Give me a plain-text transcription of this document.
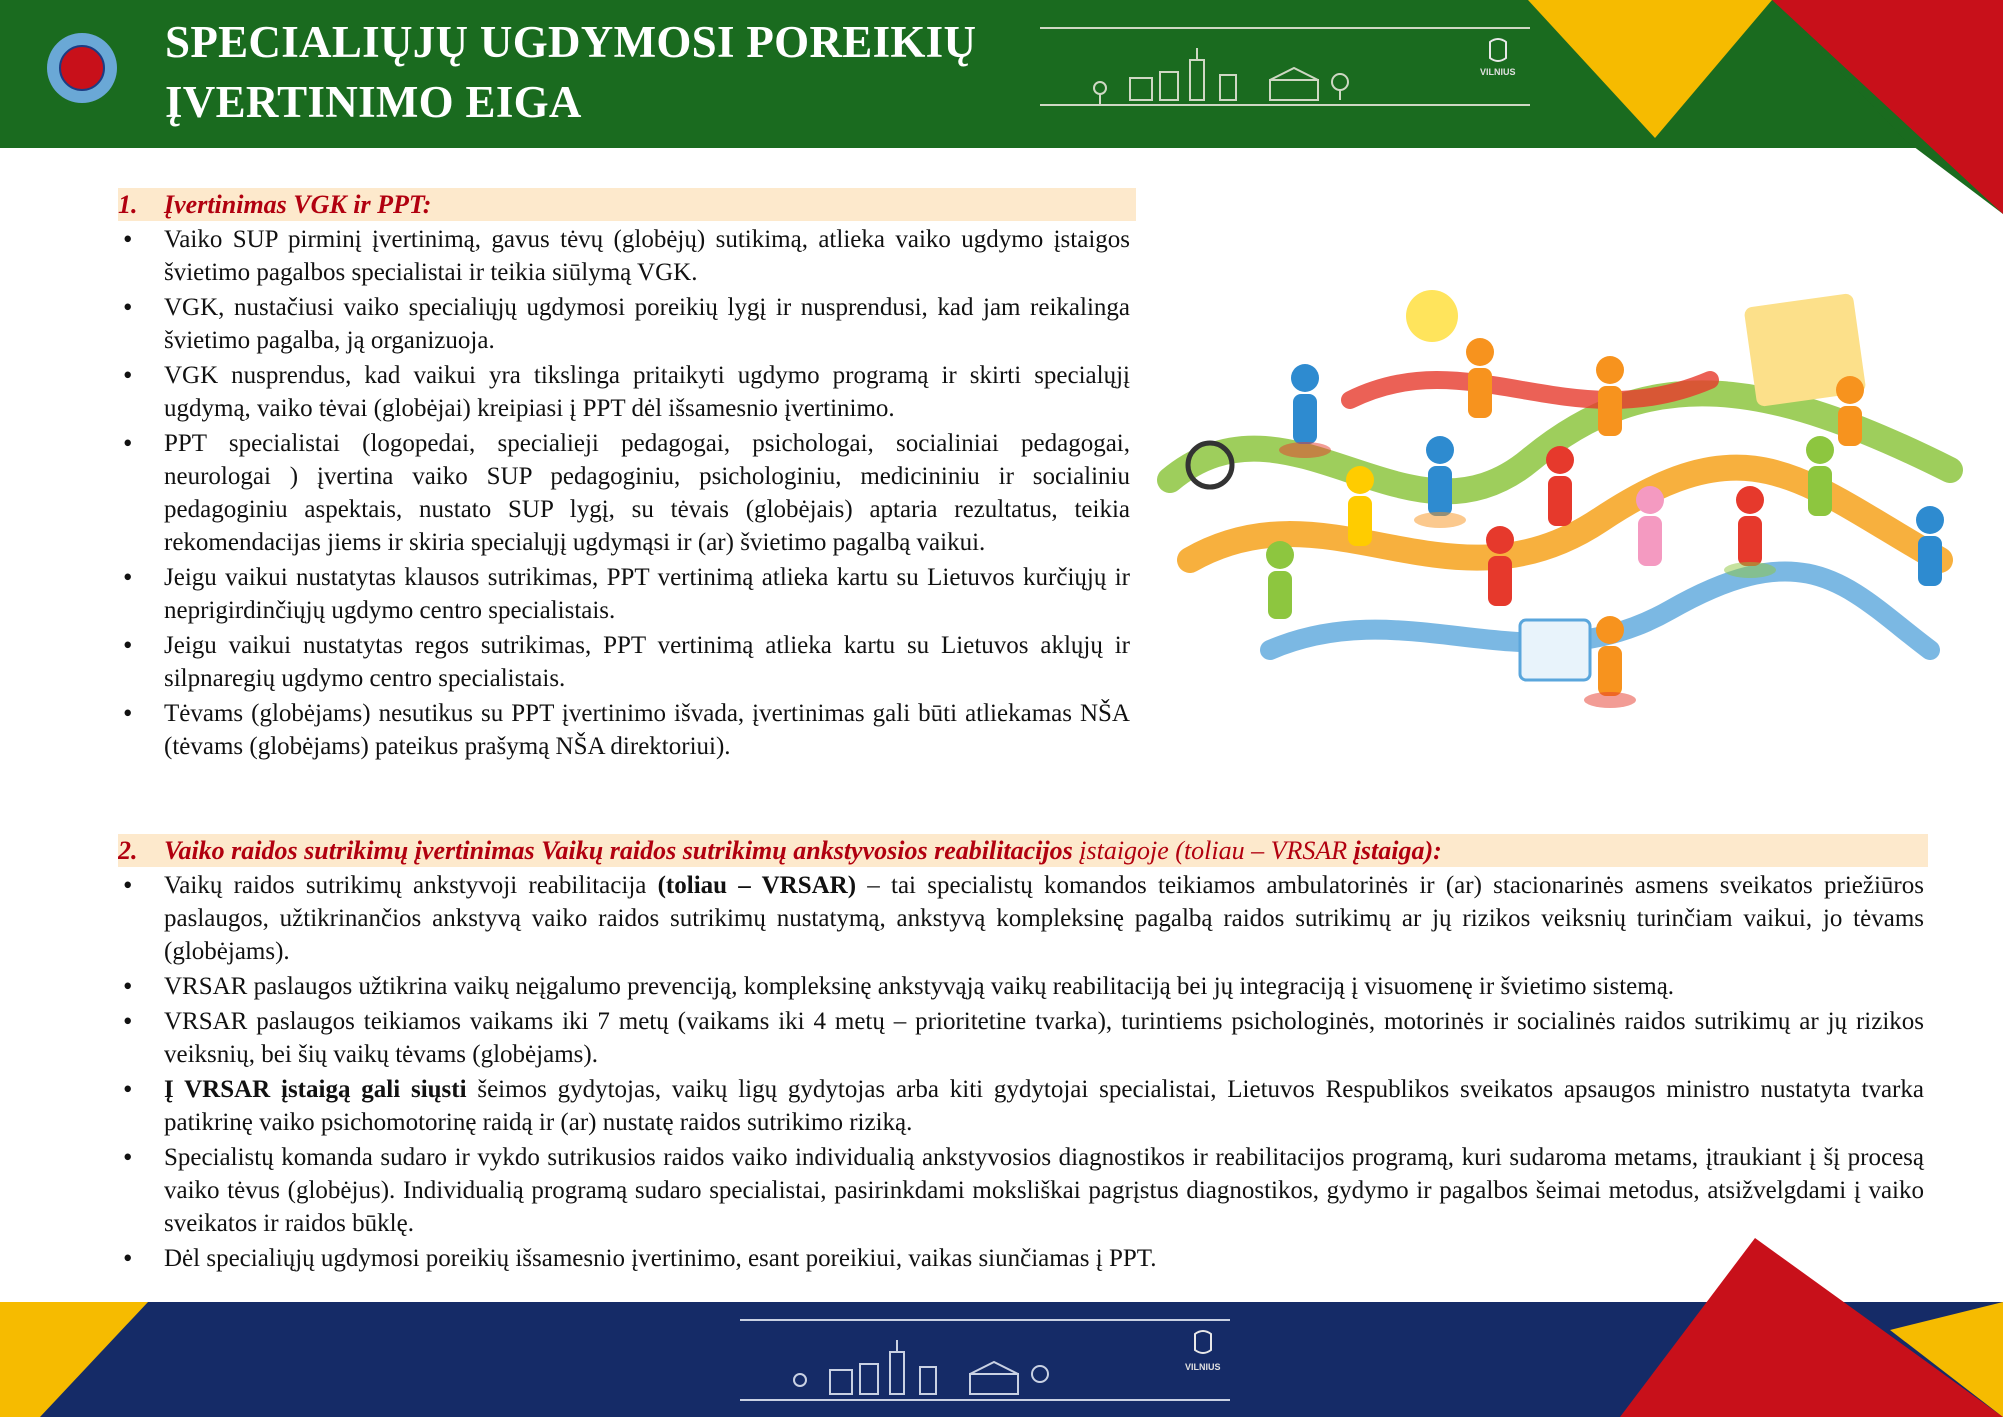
SPECIALIŲJŲ UGDYMOSI POREIKIŲ
ĮVERTINIMO EIGA
VILNIUS
1. Įvertinimas VGK ir PPT:
• Vaiko SUP pirminį įvertinimą, gavus tėvų (globėjų) sutikimą, atlieka vaiko ugdymo įstaigos švietimo pagalbos specialistai ir teikia siūlymą VGK.
• VGK, nustačiusi vaiko specialiųjų ugdymosi poreikių lygį ir nusprendusi, kad jam reikalinga švietimo pagalba, ją organizuoja.
• VGK nusprendus, kad vaikui yra tikslinga pritaikyti ugdymo programą ir skirti specialųjį ugdymą, vaiko tėvai (globėjai) kreipiasi į PPT dėl išsamesnio įvertinimo.
• PPT specialistai (logopedai, specialieji pedagogai, psichologai, socialiniai pedagogai, neurologai ) įvertina vaiko SUP pedagoginiu, psichologiniu, medicininiu ir socialiniu pedagoginiu aspektais, nustato SUP lygį, su tėvais (globėjais) aptaria rezultatus, teikia rekomendacijas jiems ir skiria specialųjį ugdymąsi ir (ar) švietimo pagalbą vaikui.
• Jeigu vaikui nustatytas klausos sutrikimas, PPT vertinimą atlieka kartu su Lietuvos kurčiųjų ir neprigirdinčiųjų ugdymo centro specialistais.
• Jeigu vaikui nustatytas regos sutrikimas, PPT vertinimą atlieka kartu su Lietuvos aklųjų ir silpnaregių ugdymo centro specialistais.
• Tėvams (globėjams) nesutikus su PPT įvertinimo išvada, įvertinimas gali būti atliekamas NŠA (tėvams (globėjams) pateikus prašymą NŠA direktoriui).
2. Vaiko raidos sutrikimų įvertinimas Vaikų raidos sutrikimų ankstyvosios reabilitacijos įstaigoje (toliau – VRSAR įstaiga):
• Vaikų raidos sutrikimų ankstyvoji reabilitacija (toliau – VRSAR) – tai specialistų komandos teikiamos ambulatorinės ir (ar) stacionarinės asmens sveikatos priežiūros paslaugos, užtikrinančios ankstyvą vaiko raidos sutrikimų nustatymą, ankstyvą kompleksinę pagalbą raidos sutrikimų ar jų rizikos veiksnių turinčiam vaikui, jo tėvams (globėjams).
• VRSAR paslaugos užtikrina vaikų neįgalumo prevenciją, kompleksinę ankstyvąją vaikų reabilitaciją bei jų integraciją į visuomenę ir švietimo sistemą.
• VRSAR paslaugos teikiamos vaikams iki 7 metų (vaikams iki 4 metų – prioritetine tvarka), turintiems psichologinės, motorinės ir socialinės raidos sutrikimų ar jų rizikos veiksnių, bei šių vaikų tėvams (globėjams).
• Į VRSAR įstaigą gali siųsti šeimos gydytojas, vaikų ligų gydytojas arba kiti gydytojai specialistai, Lietuvos Respublikos sveikatos apsaugos ministro nustatyta tvarka patikrinę vaiko psichomotorinę raidą ir (ar) nustatę raidos sutrikimo riziką.
• Specialistų komanda sudaro ir vykdo sutrikusios raidos vaiko individualią ankstyvosios diagnostikos ir reabilitacijos programą, kuri sudaroma metams, įtraukiant į šį procesą vaiko tėvus (globėjus). Individualią programą sudaro specialistai, pasirinkdami moksliškai pagrįstus diagnostikos, gydymo ir pagalbos šeimai metodus, atsižvelgdami į vaiko sveikatos ir raidos būklę.
• Dėl specialiųjų ugdymosi poreikių išsamesnio įvertinimo, esant poreikiui, vaikas siunčiamas į PPT.
VILNIUS
